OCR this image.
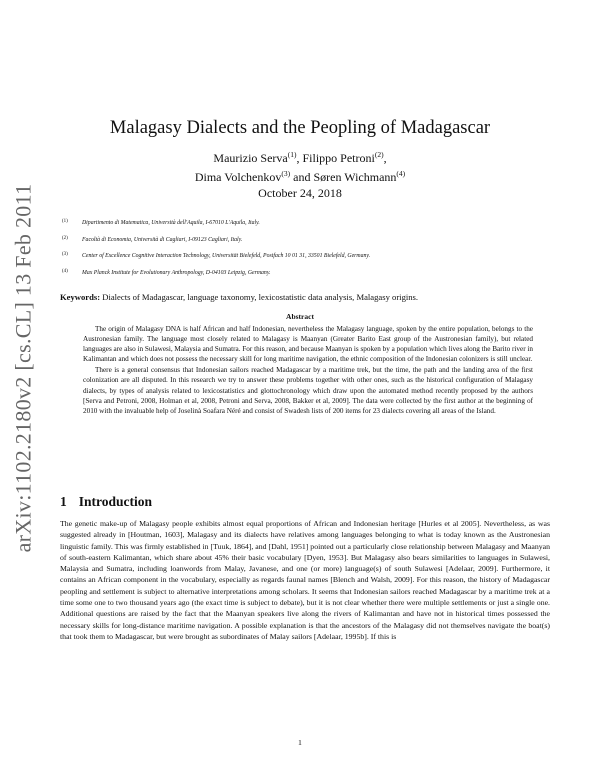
arXiv:1102.2180v2 [cs.CL] 13 Feb 2011
Malagasy Dialects and the Peopling of Madagascar
Maurizio Serva$^{(1)}$, Filippo Petroni$^{(2)}$,
Dima Volchenkov$^{(3)}$ and Søren Wichmann$^{(4)}$
October 24, 2018
(1)	Dipartimento di Matematica, Università dell'Aquila, I-67010 L'Aquila, Italy.
(2)	Facoltà di Economia, Università di Cagliari, I-09123 Cagliari, Italy.
(3)	Center of Excellence Cognitive Interaction Technology, Universität Bielefeld, Postfach 10 01 31, 33501 Bielefeld, Germany.
(4)	Max Planck Institute for Evolutionary Anthropology, D-04103 Leipzig, Germany.
Keywords: Dialects of Madagascar, language taxonomy, lexicostatistic data analysis, Malagasy origins.
Abstract

The origin of Malagasy DNA is half African and half Indonesian, nevertheless the Malagasy language, spoken by the entire population, belongs to the Austronesian family. The language most closely related to Malagasy is Maanyan (Greater Barito East group of the Austronesian family), but related languages are also in Sulawesi, Malaysia and Sumatra. For this reason, and because Maanyan is spoken by a population which lives along the Barito river in Kalimantan and which does not possess the necessary skill for long maritime navigation, the ethnic composition of the Indonesian colonizers is still unclear.

There is a general consensus that Indonesian sailors reached Madagascar by a maritime trek, but the time, the path and the landing area of the first colonization are all disputed. In this research we try to answer these problems together with other ones, such as the historical configuration of Malagasy dialects, by types of analysis related to lexicostatistics and glottochronology which draw upon the automated method recently proposed by the authors [Serva and Petroni, 2008, Holman et al, 2008, Petroni and Serva, 2008, Bakker et al, 2009]. The data were collected by the first author at the beginning of 2010 with the invaluable help of Joselinà Soafara Néré and consist of Swadesh lists of 200 items for 23 dialects covering all areas of the Island.

1 Introduction

The genetic make-up of Malagasy people exhibits almost equal proportions of African and Indonesian heritage [Hurles et al 2005]. Nevertheless, as was suggested already in [Houtman, 1603], Malagasy and its dialects have relatives among languages belonging to what is today known as the Austronesian linguistic family. This was firmly established in [Tuuk, 1864], and [Dahl, 1951] pointed out a particularly close relationship between Malagasy and Maanyan of south-eastern Kalimantan, which share about 45% their basic vocabulary [Dyen, 1953]. But Malagasy also bears similarities to languages in Sulawesi, Malaysia and Sumatra, including loanwords from Malay, Javanese, and one (or more) language(s) of south Sulawesi [Adelaar, 2009]. Furthermore, it contains an African component in the vocabulary, especially as regards faunal names [Blench and Walsh, 2009]. For this reason, the history of Madagascar peopling and settlement is subject to alternative interpretations among scholars. It seems that Indonesian sailors reached Madagascar by a maritime trek at a time some one to two thousand years ago (the exact time is subject to debate), but it is not clear whether there were multiple settlements or just a single one. Additional questions are raised by the fact that the Maanyan speakers live along the rivers of Kalimantan and have not in historical times possessed the necessary skills for long-distance maritime navigation. A possible explanation is that the ancestors of the Malagasy did not themselves navigate the boat(s) that took them to Madagascar, but were brought as subordinates of Malay sailors [Adelaar, 1995b]. If this is

1
